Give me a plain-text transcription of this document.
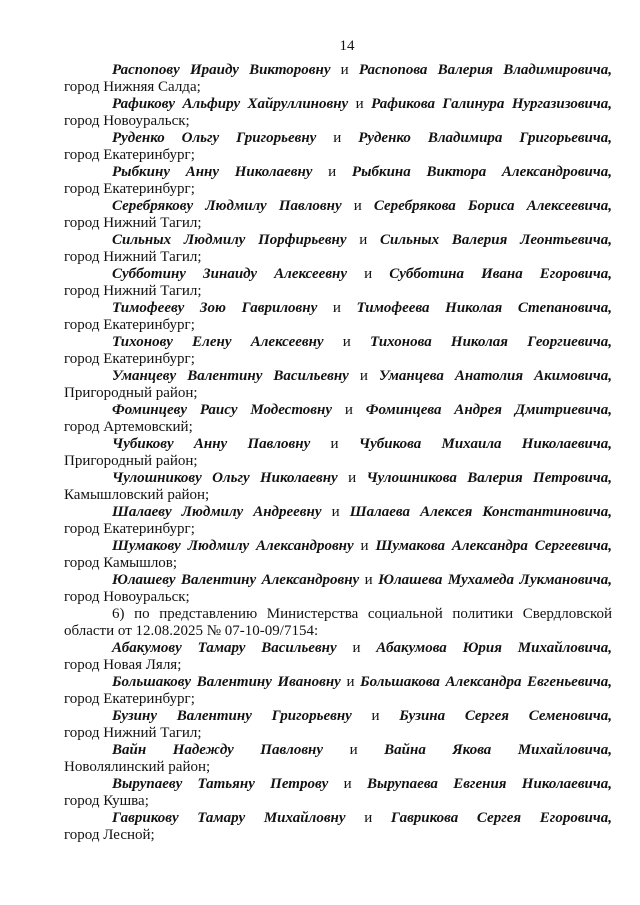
14
Распопову Ираиду Викторовну и Распопова Валерия Владимировича,
город Нижняя Салда;
Рафикову Альфиру Хайруллиновну и Рафикова Галинура Нургазизовича,
город Новоуральск;
Руденко Ольгу Григорьевну и Руденко Владимира Григорьевича,
город Екатеринбург;
Рыбкину Анну Николаевну и Рыбкина Виктора Александровича,
город Екатеринбург;
Серебрякову Людмилу Павловну и Серебрякова Бориса Алексеевича,
город Нижний Тагил;
Сильных Людмилу Порфирьевну и Сильных Валерия Леонтьевича,
город Нижний Тагил;
Субботину Зинаиду Алексеевну и Субботина Ивана Егоровича,
город Нижний Тагил;
Тимофееву Зою Гавриловну и Тимофеева Николая Степановича,
город Екатеринбург;
Тихонову Елену Алексеевну и Тихонова Николая Георгиевича,
город Екатеринбург;
Уманцеву Валентину Васильевну и Уманцева Анатолия Акимовича,
Пригородный район;
Фоминцеву Раису Модестовну и Фоминцева Андрея Дмитриевича,
город Артемовский;
Чубикову Анну Павловну и Чубикова Михаила Николаевича,
Пригородный район;
Чулошникову Ольгу Николаевну и Чулошникова Валерия Петровича,
Камышловский район;
Шалаеву Людмилу Андреевну и Шалаева Алексея Константиновича,
город Екатеринбург;
Шумакову Людмилу Александровну и Шумакова Александра Сергеевича,
город Камышлов;
Юлашеву Валентину Александровну и Юлашева Мухамеда Лукмановича,
город Новоуральск;
6) по представлению Министерства социальной политики Свердловской
области от 12.08.2025 № 07-10-09/7154:
Абакумову Тамару Васильевну и Абакумова Юрия Михайловича,
город Новая Ляля;
Большакову Валентину Ивановну и Большакова Александра Евгеньевича,
город Екатеринбург;
Бузину Валентину Григорьевну и Бузина Сергея Семеновича,
город Нижний Тагил;
Вайн Надежду Павловну и Вайна Якова Михайловича,
Новолялинский район;
Вырупаеву Татьяну Петрову и Вырупаева Евгения Николаевича,
город Кушва;
Гаврикову Тамару Михайловну и Гаврикова Сергея Егоровича,
город Лесной;
